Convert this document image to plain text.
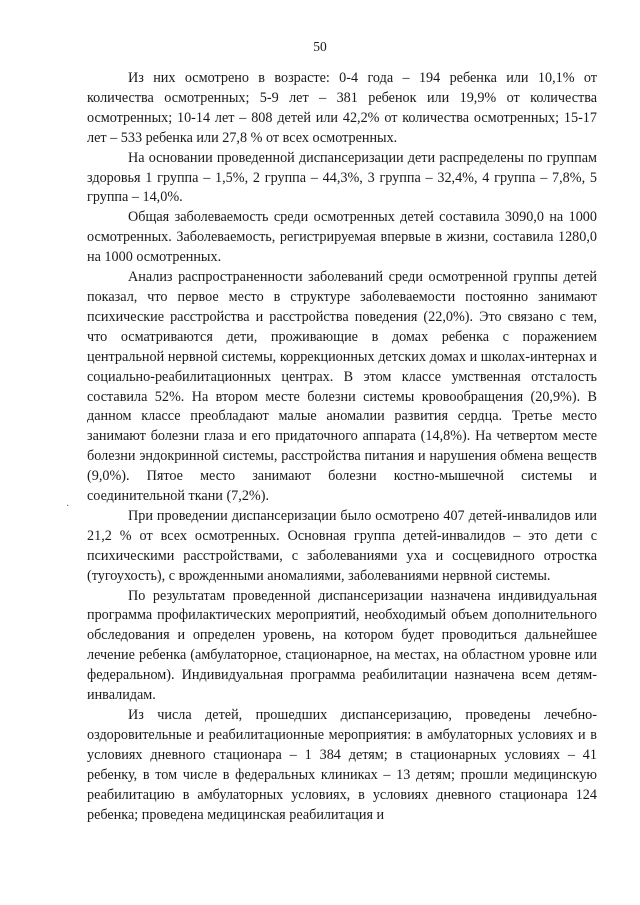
50
·

Из них осмотрено в возрасте: 0-4 года – 194 ребенка или 10,1% от количества осмотренных; 5-9 лет – 381 ребенок или 19,9% от количества осмотренных; 10-14 лет – 808 детей или 42,2% от количества осмотренных; 15-17 лет – 533 ребенка или 27,8 % от всех осмотренных.

На основании проведенной диспансеризации дети распределены по группам здоровья 1 группа – 1,5%, 2 группа – 44,3%, 3 группа – 32,4%, 4 группа – 7,8%, 5 группа – 14,0%.

Общая заболеваемость среди осмотренных детей составила 3090,0 на 1000 осмотренных. Заболеваемость, регистрируемая впервые в жизни, составила 1280,0 на 1000 осмотренных.

Анализ распространенности заболеваний среди осмотренной группы детей показал, что первое место в структуре заболеваемости постоянно занимают психические расстройства и расстройства поведения (22,0%). Это связано с тем, что осматриваются дети, проживающие в домах ребенка с поражением центральной нервной системы, коррекционных детских домах и школах-интернах и социально-реабилитационных центрах. В этом классе умственная отсталость составила 52%. На втором месте болезни системы кровообращения (20,9%). В данном классе преобладают малые аномалии развития сердца. Третье место занимают болезни глаза и его придаточного аппарата (14,8%). На четвертом месте болезни эндокринной системы, расстройства питания и нарушения обмена веществ (9,0%). Пятое место занимают болезни костно-мышечной системы и соединительной ткани (7,2%).

При проведении диспансеризации было осмотрено 407 детей-инвалидов или 21,2 % от всех осмотренных. Основная группа детей-инвалидов – это дети с психическими расстройствами, с заболеваниями уха и сосцевидного отростка (тугоухость), с врожденными аномалиями, заболеваниями нервной системы.

По результатам проведенной диспансеризации назначена индивидуальная программа профилактических мероприятий, необходимый объем дополнительного обследования и определен уровень, на котором будет проводиться дальнейшее лечение ребенка (амбулаторное, стационарное, на местах, на областном уровне или федеральном). Индивидуальная программа реабилитации назначена всем детям-инвалидам.

Из числа детей, прошедших диспансеризацию, проведены лечебно-оздоровительные и реабилитационные мероприятия: в амбулаторных условиях и в условиях дневного стационара – 1 384 детям; в стационарных условиях – 41 ребенку, в том числе в федеральных клиниках – 13 детям; прошли медицинскую реабилитацию в амбулаторных условиях, в условиях дневного стационара 124 ребенка; проведена медицинская реабилитация и
